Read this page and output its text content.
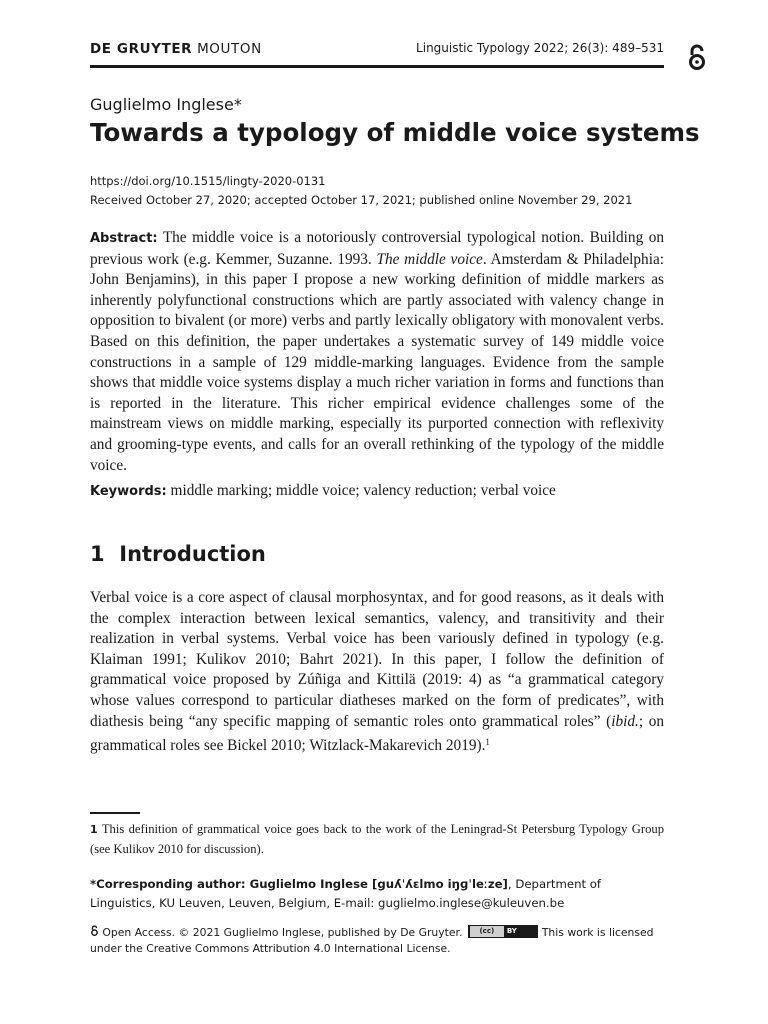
DE GRUYTER MOUTON	Linguistic Typology 2022; 26(3): 489–531
Guglielmo Inglese*
Towards a typology of middle voice systems
https://doi.org/10.1515/lingty-2020-0131
Received October 27, 2020; accepted October 17, 2021; published online November 29, 2021

Abstract: The middle voice is a notoriously controversial typological notion. Building on previous work (e.g. Kemmer, Suzanne. 1993. The middle voice. Amsterdam & Philadelphia: John Benjamins), in this paper I propose a new working definition of middle markers as inherently polyfunctional constructions which are partly associated with valency change in opposition to bivalent (or more) verbs and partly lexically obligatory with monovalent verbs. Based on this definition, the paper undertakes a systematic survey of 149 middle voice constructions in a sample of 129 middle-marking languages. Evidence from the sample shows that middle voice systems display a much richer variation in forms and functions than is reported in the literature. This richer empirical evidence challenges some of the mainstream views on middle marking, especially its purported connection with reflexivity and grooming-type events, and calls for an overall rethinking of the typology of the middle voice.

Keywords: middle marking; middle voice; valency reduction; verbal voice
1 Introduction

Verbal voice is a core aspect of clausal morphosyntax, and for good reasons, as it deals with the complex interaction between lexical semantics, valency, and transitivity and their realization in verbal systems. Verbal voice has been variously defined in typology (e.g. Klaiman 1991; Kulikov 2010; Bahrt 2021). In this paper, I follow the definition of grammatical voice proposed by Zúñiga and Kittilä (2019: 4) as “a grammatical category whose values correspond to particular diatheses marked on the form of predicates”, with diathesis being “any specific mapping of semantic roles onto grammatical roles” (ibid.; on grammatical roles see Bickel 2010; Witzlack-Makarevich 2019).$^1$

1 This definition of grammatical voice goes back to the work of the Leningrad-St Petersburg Typology Group (see Kulikov 2010 for discussion).

*Corresponding author: Guglielmo Inglese [guʎˈʎɛlmo iŋɡˈleːze], Department of Linguistics, KU Leuven, Leuven, Belgium, E-mail: guglielmo.inglese@kuleuven.be

Open Access. © 2021 Guglielmo Inglese, published by De Gruyter.	(cc)	BY This work is licensed under the Creative Commons Attribution 4.0 International License.
